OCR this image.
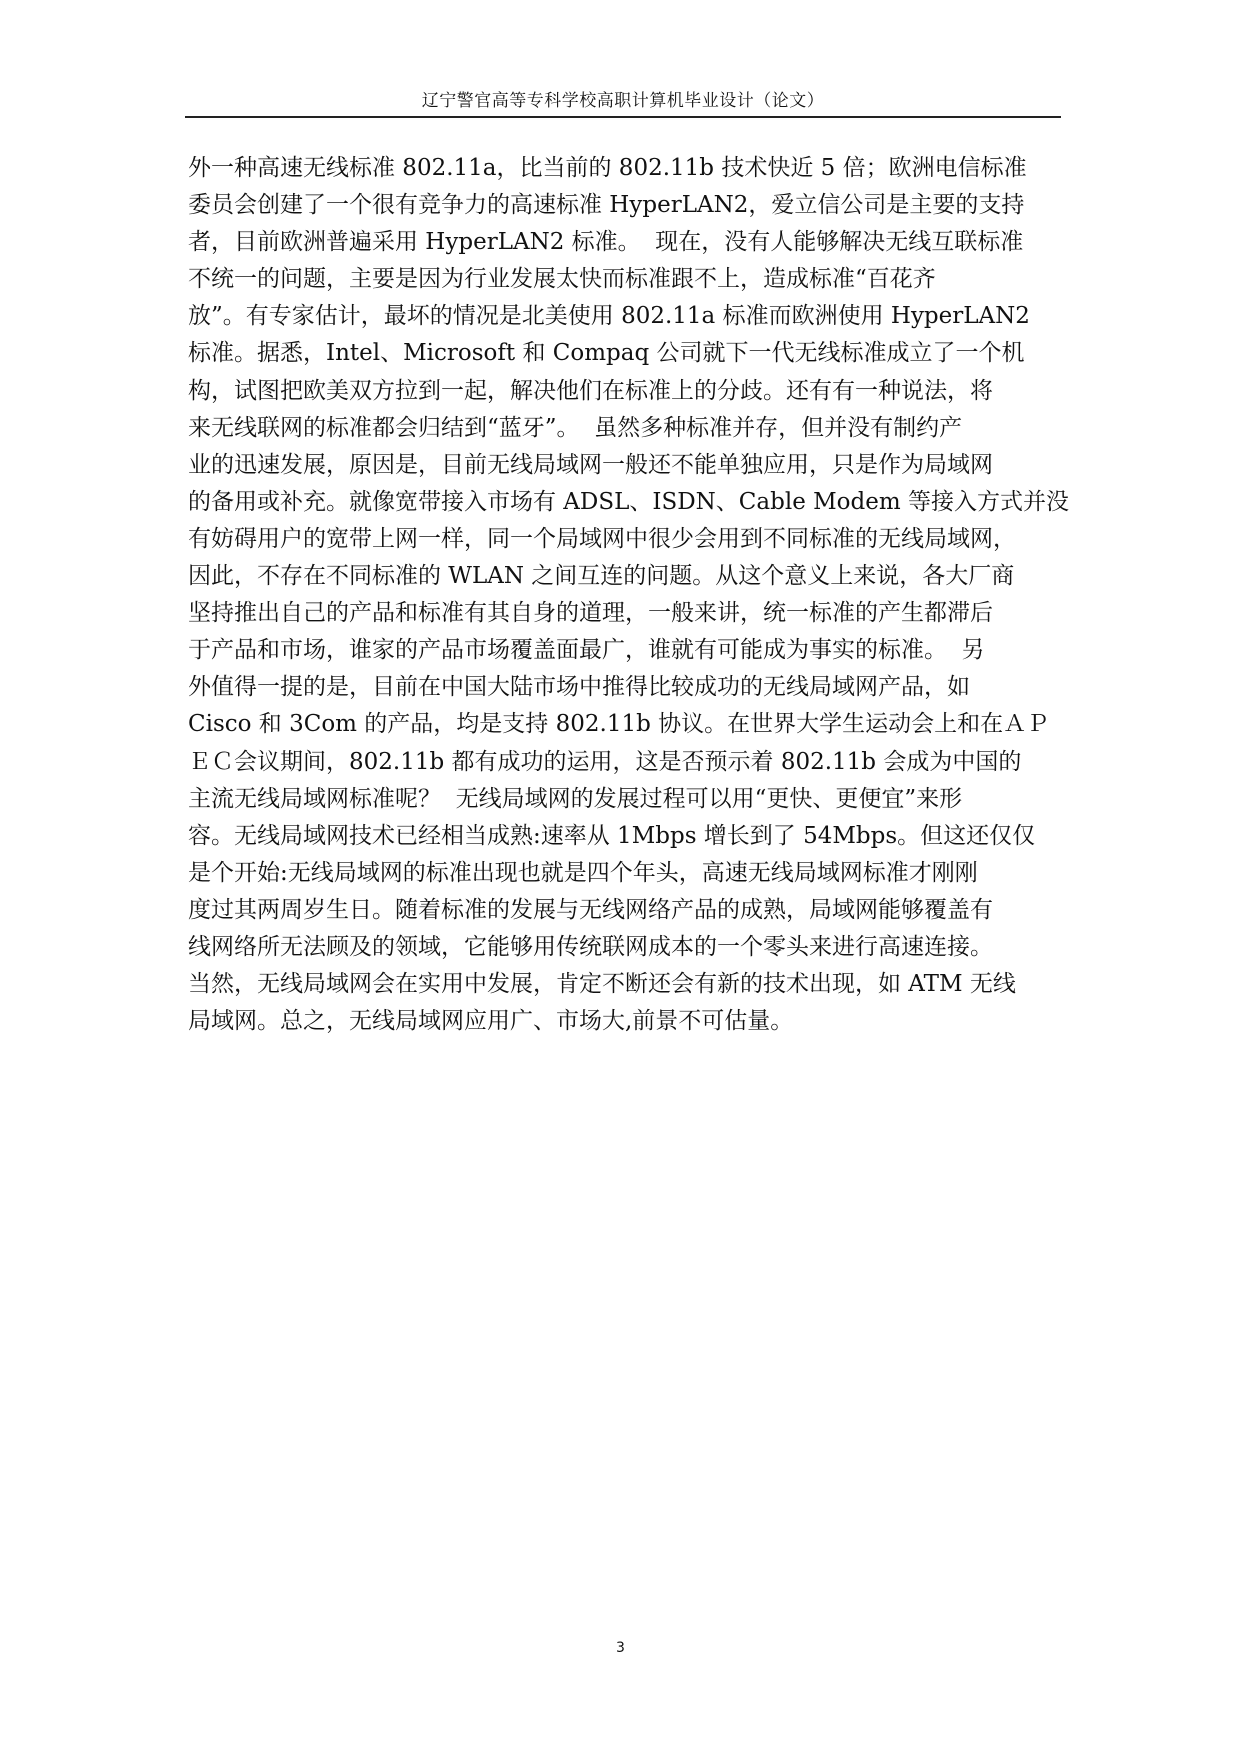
辽宁警官高等专科学校高职计算机毕业设计（论文）
外一种高速无线标准 802.11a，比当前的 802.11b 技术快近 5 倍；欧洲电信标准
委员会创建了一个很有竞争力的高速标准 HyperLAN2，爱立信公司是主要的支持
者，目前欧洲普遍采用 HyperLAN2 标准。  现在，没有人能够解决无线互联标准
不统一的问题，主要是因为行业发展太快而标准跟不上，造成标准“百花齐
放”。有专家估计，最坏的情况是北美使用 802.11a 标准而欧洲使用 HyperLAN2
标准。据悉，Intel、Microsoft 和 Compaq 公司就下一代无线标准成立了一个机
构，试图把欧美双方拉到一起，解决他们在标准上的分歧。还有有一种说法，将
来无线联网的标准都会归结到“蓝牙”。  虽然多种标准并存，但并没有制约产
业的迅速发展，原因是，目前无线局域网一般还不能单独应用，只是作为局域网
的备用或补充。就像宽带接入市场有 ADSL、ISDN、Cable Modem 等接入方式并没
有妨碍用户的宽带上网一样，同一个局域网中很少会用到不同标准的无线局域网，
因此，不存在不同标准的 WLAN 之间互连的问题。从这个意义上来说，各大厂商
坚持推出自己的产品和标准有其自身的道理，一般来讲，统一标准的产生都滞后
于产品和市场，谁家的产品市场覆盖面最广，谁就有可能成为事实的标准。  另
外值得一提的是，目前在中国大陆市场中推得比较成功的无线局域网产品，如
Cisco 和 3Com 的产品，均是支持 802.11b 协议。在世界大学生运动会上和在ＡＰ
ＥＣ会议期间，802.11b 都有成功的运用，这是否预示着 802.11b 会成为中国的
主流无线局域网标准呢？  无线局域网的发展过程可以用“更快、更便宜”来形
容。无线局域网技术已经相当成熟:速率从 1Mbps 增长到了 54Mbps。但这还仅仅
是个开始:无线局域网的标准出现也就是四个年头，高速无线局域网标准才刚刚
度过其两周岁生日。随着标准的发展与无线网络产品的成熟，局域网能够覆盖有
线网络所无法顾及的领域，它能够用传统联网成本的一个零头来进行高速连接。
当然，无线局域网会在实用中发展，肯定不断还会有新的技术出现，如 ATM 无线
局域网。总之，无线局域网应用广、市场大,前景不可估量。
3
